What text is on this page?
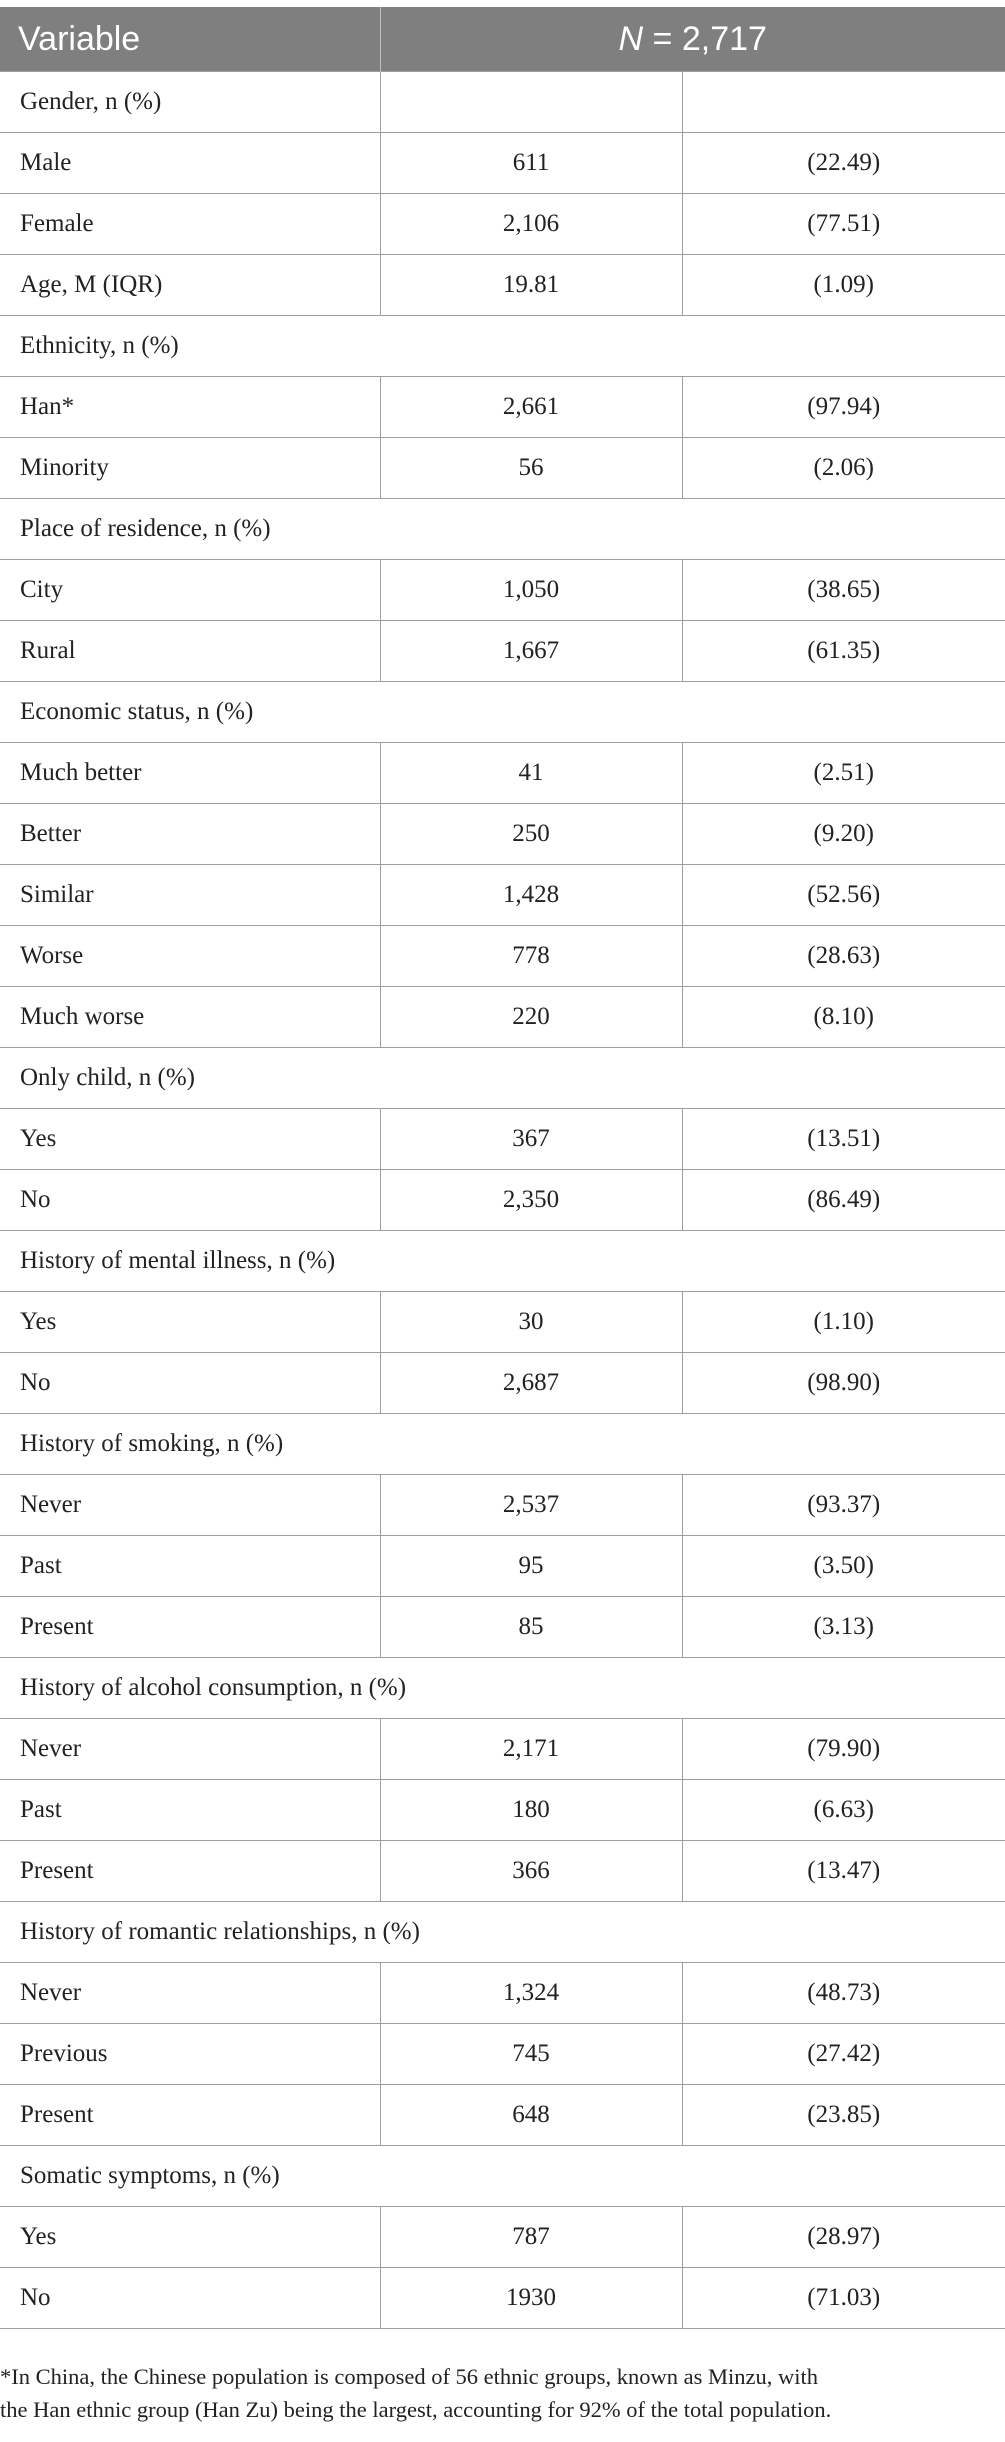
Variable	N = 2,717	
Gender, n (%)		
Male	611	(22.49)
Female	2,106	(77.51)
Age, M (IQR)	19.81	(1.09)
Ethnicity, n (%)		
Han*	2,661	(97.94)
Minority	56	(2.06)
Place of residence, n (%)		
City	1,050	(38.65)
Rural	1,667	(61.35)
Economic status, n (%)		
Much better	41	(2.51)
Better	250	(9.20)
Similar	1,428	(52.56)
Worse	778	(28.63)
Much worse	220	(8.10)
Only child, n (%)		
Yes	367	(13.51)
No	2,350	(86.49)
History of mental illness, n (%)		
Yes	30	(1.10)
No	2,687	(98.90)
History of smoking, n (%)		
Never	2,537	(93.37)
Past	95	(3.50)
Present	85	(3.13)
History of alcohol consumption, n (%)		
Never	2,171	(79.90)
Past	180	(6.63)
Present	366	(13.47)
History of romantic relationships, n (%)		
Never	1,324	(48.73)
Previous	745	(27.42)
Present	648	(23.85)
Somatic symptoms, n (%)		
Yes	787	(28.97)
No	1930	(71.03)
*In China, the Chinese population is composed of 56 ethnic groups, known as Minzu, with
the Han ethnic group (Han Zu) being the largest, accounting for 92% of the total population.
